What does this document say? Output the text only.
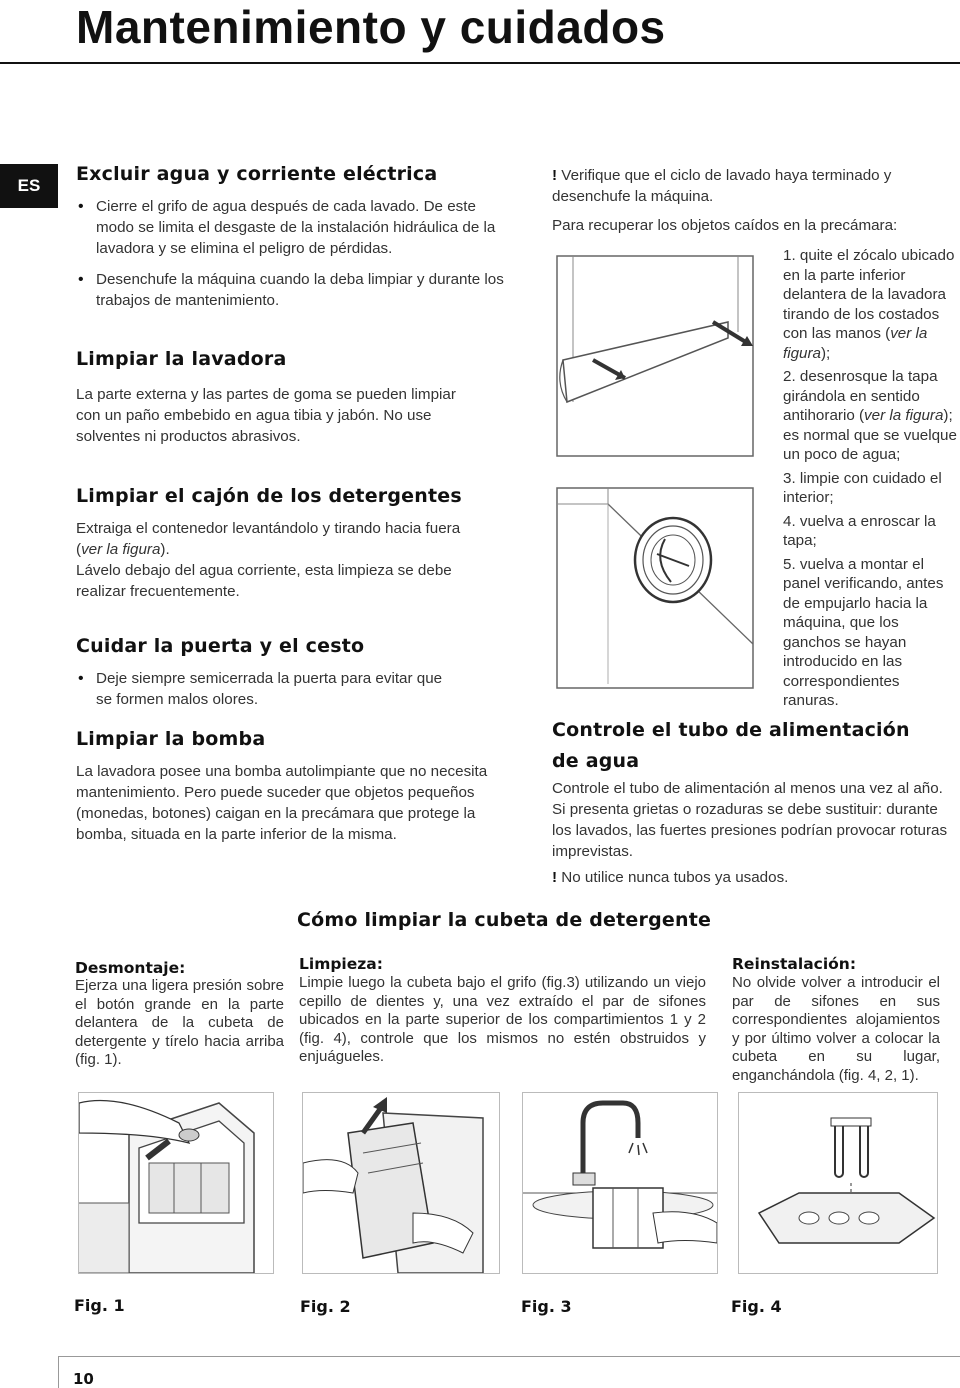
Mantenimiento y cuidados
ES
Excluir agua y corriente eléctrica
• Cierre el grifo de agua después de cada lavado. De este modo se limita el desgaste de la instalación hidráulica de la lavadora y se elimina el peligro de pérdidas.
• Desenchufe la máquina cuando la deba limpiar y durante los trabajos de mantenimiento.
Limpiar la lavadora
La parte externa y las partes de goma se pueden limpiar con un paño embebido en agua tibia y jabón. No use solventes ni productos abrasivos.
Limpiar el cajón de los detergentes
Extraiga el contenedor levantándolo y tirando hacia fuera (ver la figura).
Lávelo debajo del agua corriente, esta limpieza se debe realizar frecuentemente.
Cuidar la puerta y el cesto
• Deje siempre semicerrada la puerta para evitar que se formen malos olores.
Limpiar la bomba
La lavadora posee una bomba autolimpiante que no necesita mantenimiento. Pero puede suceder que objetos pequeños (monedas, botones) caigan en la precámara que protege la bomba, situada en la parte inferior de la misma.
! Verifique que el ciclo de lavado haya terminado y desenchufe la máquina.
Para recuperar los objetos caídos en la precámara:
1. quite el zócalo ubicado en la parte inferior delantera de la lavadora tirando de los costados con las manos (ver la figura);
2. desenrosque la tapa girándola en sentido antihorario (ver la figura); es normal que se vuelque un poco de agua;
3. limpie con cuidado el interior;
4. vuelva a enroscar la tapa;
5. vuelva a montar el panel verificando, antes de empujarlo hacia la máquina, que los ganchos se hayan introducido en las correspondientes ranuras.
Controle el tubo de alimentación
de agua
Controle el tubo de alimentación al menos una vez al año. Si presenta grietas o rozaduras se debe sustituir: durante los lavados, las fuertes presiones podrían provocar roturas imprevistas.
! No utilice nunca tubos ya usados.
Cómo limpiar la cubeta de detergente
Desmontaje:
Ejerza una ligera presión sobre el botón grande en la parte delantera de la cubeta de detergente y tírelo hacia arriba (fig. 1).
Limpieza:
Limpie luego la cubeta bajo el grifo (fig.3) utilizando un viejo cepillo de dientes y, una vez extraído el par de sifones ubicados en la parte superior de los compartimientos 1 y 2 (fig. 4), controle que los mismos no estén obstruidos y enjuágueles.
Reinstalación:
No olvide volver a introducir el par de sifones en sus correspondientes alojamientos y por último volver a colocar la cubeta en su lugar, enganchándola (fig. 4, 2, 1).
Fig. 1	Fig. 2	Fig. 3	Fig. 4
10
